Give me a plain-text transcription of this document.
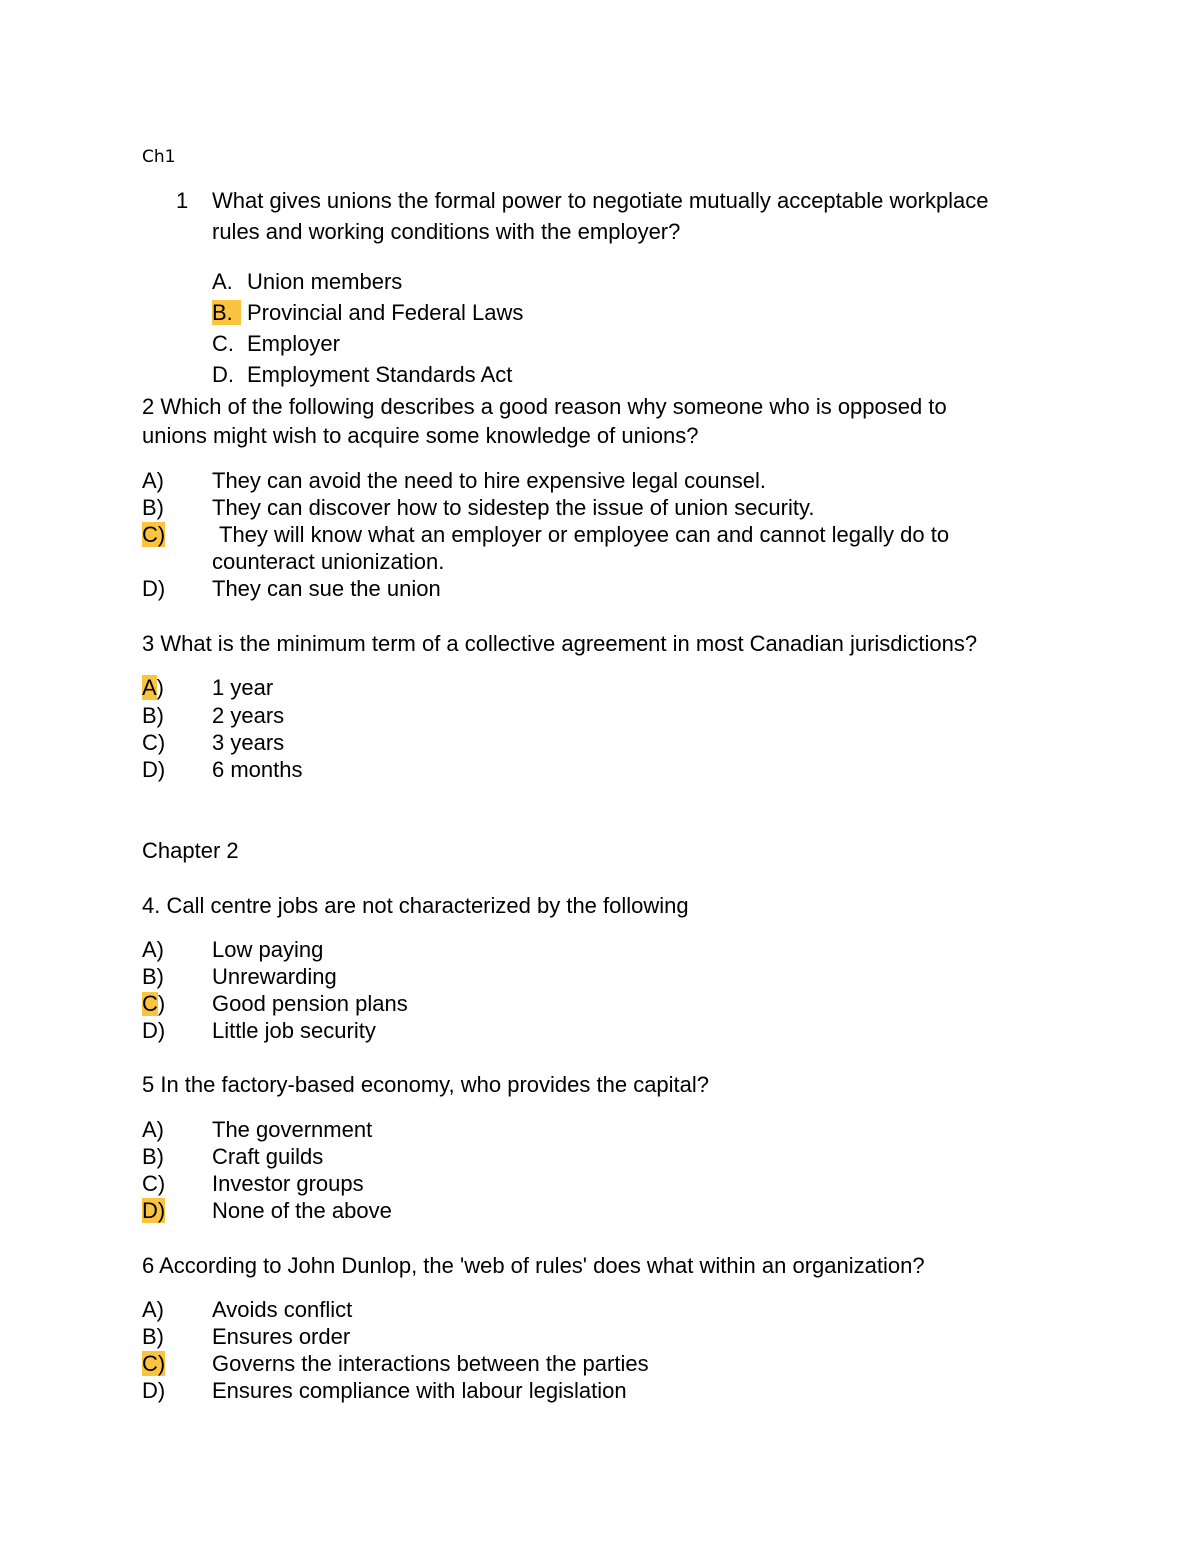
Ch1
1 What gives unions the formal power to negotiate mutually acceptable workplace
rules and working conditions with the employer?
A. Union members
B. Provincial and Federal Laws
C. Employer
D. Employment Standards Act
2 Which of the following describes a good reason why someone who is opposed to
unions might wish to acquire some knowledge of unions?
A) They can avoid the need to hire expensive legal counsel.
B) They can discover how to sidestep the issue of union security.
C) They will know what an employer or employee can and cannot legally do to
counteract unionization.
D) They can sue the union
3 What is the minimum term of a collective agreement in most Canadian jurisdictions?
A) 1 year
B) 2 years
C) 3 years
D) 6 months
Chapter 2
4. Call centre jobs are not characterized by the following
A) Low paying
B) Unrewarding
C) Good pension plans
D) Little job security
5 In the factory-based economy, who provides the capital?
A) The government
B) Craft guilds
C) Investor groups
D) None of the above
6 According to John Dunlop, the 'web of rules' does what within an organization?
A) Avoids conflict
B) Ensures order
C) Governs the interactions between the parties
D) Ensures compliance with labour legislation
